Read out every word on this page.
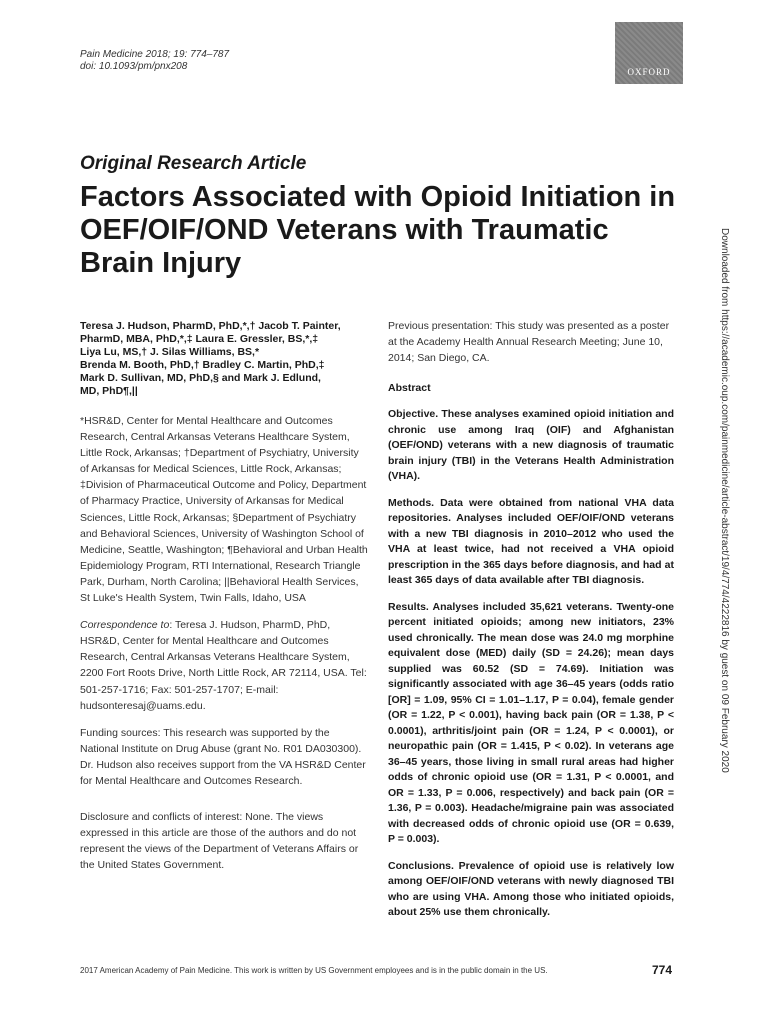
Pain Medicine 2018; 19: 774–787
doi: 10.1093/pm/pnx208	OXFORD
Original Research Article
Factors Associated with Opioid Initiation in OEF/OIF/OND Veterans with Traumatic Brain Injury
Teresa J. Hudson, PharmD, PhD,*,† Jacob T. Painter,
PharmD, MBA, PhD,*,‡ Laura E. Gressler, BS,*,‡
Liya Lu, MS,† J. Silas Williams, BS,*
Brenda M. Booth, PhD,† Bradley C. Martin, PhD,‡
Mark D. Sullivan, MD, PhD,§ and Mark J. Edlund,
MD, PhD¶,||

*HSR&D, Center for Mental Healthcare and Outcomes Research, Central Arkansas Veterans Healthcare System, Little Rock, Arkansas; †Department of Psychiatry, University of Arkansas for Medical Sciences, Little Rock, Arkansas; ‡Division of Pharmaceutical Outcome and Policy, Department of Pharmacy Practice, University of Arkansas for Medical Sciences, Little Rock, Arkansas; §Department of Psychiatry and Behavioral Sciences, University of Washington School of Medicine, Seattle, Washington; ¶Behavioral and Urban Health Epidemiology Program, RTI International, Research Triangle Park, Durham, North Carolina; ||Behavioral Health Services, St Luke's Health System, Twin Falls, Idaho, USA

Correspondence to: Teresa J. Hudson, PharmD, PhD, HSR&D, Center for Mental Healthcare and Outcomes Research, Central Arkansas Veterans Healthcare System, 2200 Fort Roots Drive, North Little Rock, AR 72114, USA. Tel: 501-257-1716; Fax: 501-257-1707; E-mail: hudsonteresaj@uams.edu.

Funding sources: This research was supported by the National Institute on Drug Abuse (grant No. R01 DA030300). Dr. Hudson also receives support from the VA HSR&D Center for Mental Healthcare and Outcomes Research.

Disclosure and conflicts of interest: None. The views expressed in this article are those of the authors and do not represent the views of the Department of Veterans Affairs or the United States Government.

Previous presentation: This study was presented as a poster at the Academy Health Annual Research Meeting; June 10, 2014; San Diego, CA.

Abstract

Objective. These analyses examined opioid initiation and chronic use among Iraq (OIF) and Afghanistan (OEF/OND) veterans with a new diagnosis of traumatic brain injury (TBI) in the Veterans Health Administration (VHA).

Methods. Data were obtained from national VHA data repositories. Analyses included OEF/OIF/OND veterans with a new TBI diagnosis in 2010–2012 who used the VHA at least twice, had not received a VHA opioid prescription in the 365 days before diagnosis, and had at least 365 days of data available after TBI diagnosis.

Results. Analyses included 35,621 veterans. Twenty-one percent initiated opioids; among new initiators, 23% used chronically. The mean dose was 24.0 mg morphine equivalent dose (MED) daily (SD = 24.26); mean days supplied was 60.52 (SD = 74.69). Initiation was significantly associated with age 36–45 years (odds ratio [OR] = 1.09, 95% CI = 1.01–1.17, P = 0.04), female gender (OR = 1.22, P < 0.001), having back pain (OR = 1.38, P < 0.0001), arthritis/joint pain (OR = 1.24, P < 0.0001), or neuropathic pain (OR = 1.415, P < 0.02). In veterans age 36–45 years, those living in small rural areas had higher odds of chronic opioid use (OR = 1.31, P < 0.0001, and OR = 1.33, P = 0.006, respectively) and back pain (OR = 1.36, P = 0.003). Headache/migraine pain was associated with decreased odds of chronic opioid use (OR = 0.639, P = 0.003).

Conclusions. Prevalence of opioid use is relatively low among OEF/OIF/OND veterans with newly diagnosed TBI who are using VHA. Among those who initiated opioids, about 25% use them chronically.

Downloaded from https://academic.oup.com/painmedicine/article-abstract/19/4/774/4222816 by guest on 09 February 2020
2017 American Academy of Pain Medicine. This work is written by US Government employees and is in the public domain in the US.	774
